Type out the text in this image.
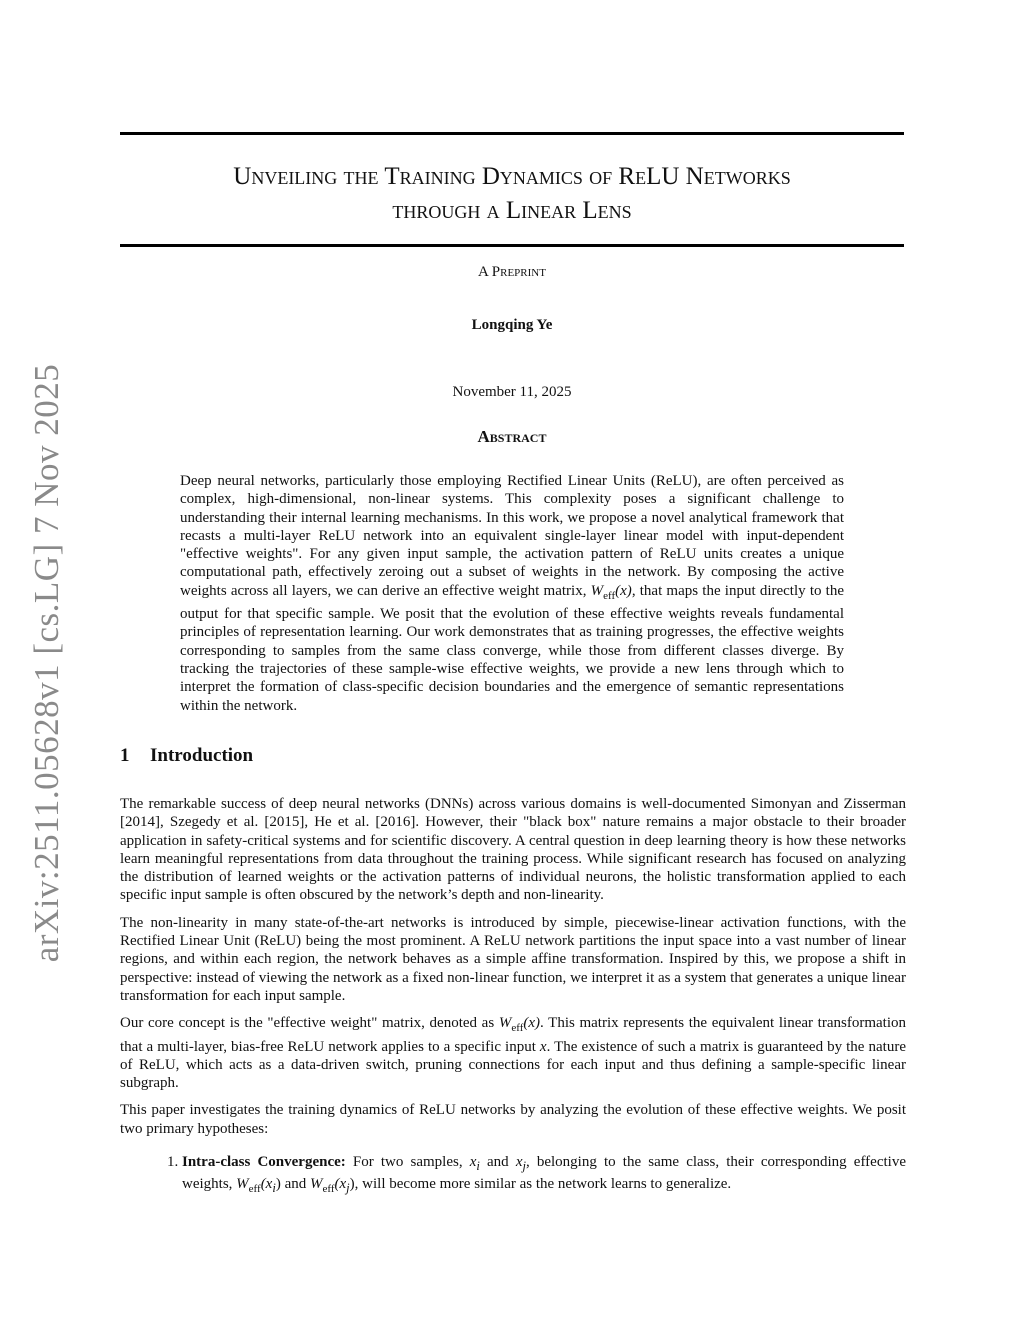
arXiv:2511.05628v1 [cs.LG] 7 Nov 2025
Unveiling the Training Dynamics of ReLU Networks
through a Linear Lens
A Preprint
Longqing Ye
November 11, 2025
Abstract

Deep neural networks, particularly those employing Rectified Linear Units (ReLU), are often perceived as complex, high-dimensional, non-linear systems. This complexity poses a significant challenge to understanding their internal learning mechanisms. In this work, we propose a novel analytical framework that recasts a multi-layer ReLU network into an equivalent single-layer linear model with input-dependent "effective weights". For any given input sample, the activation pattern of ReLU units creates a unique computational path, effectively zeroing out a subset of weights in the network. By composing the active weights across all layers, we can derive an effective weight matrix, $W_{eff}(x)$, that maps the input directly to the output for that specific sample. We posit that the evolution of these effective weights reveals fundamental principles of representation learning. Our work demonstrates that as training progresses, the effective weights corresponding to samples from the same class converge, while those from different classes diverge. By tracking the trajectories of these sample-wise effective weights, we provide a new lens through which to interpret the formation of class-specific decision boundaries and the emergence of semantic representations within the network.

1 Introduction

The remarkable success of deep neural networks (DNNs) across various domains is well-documented Simonyan and Zisserman [2014], Szegedy et al. [2015], He et al. [2016]. However, their "black box" nature remains a major obstacle to their broader application in safety-critical systems and for scientific discovery. A central question in deep learning theory is how these networks learn meaningful representations from data throughout the training process. While significant research has focused on analyzing the distribution of learned weights or the activation patterns of individual neurons, the holistic transformation applied to each specific input sample is often obscured by the network’s depth and non-linearity.

The non-linearity in many state-of-the-art networks is introduced by simple, piecewise-linear activation functions, with the Rectified Linear Unit (ReLU) being the most prominent. A ReLU network partitions the input space into a vast number of linear regions, and within each region, the network behaves as a simple affine transformation. Inspired by this, we propose a shift in perspective: instead of viewing the network as a fixed non-linear function, we interpret it as a system that generates a unique linear transformation for each input sample.

Our core concept is the "effective weight" matrix, denoted as $W_{eff}(x)$. This matrix represents the equivalent linear transformation that a multi-layer, bias-free ReLU network applies to a specific input x. The existence of such a matrix is guaranteed by the nature of ReLU, which acts as a data-driven switch, pruning connections for each input and thus defining a sample-specific linear subgraph.

This paper investigates the training dynamics of ReLU networks by analyzing the evolution of these effective weights. We posit two primary hypotheses:

1. Intra-class Convergence: For two samples, $x_i$ and $x_j$, belonging to the same class, their corresponding effective weights, $W_{eff}(x_i)$ and $W_{eff}(x_j)$, will become more similar as the network learns to generalize.
